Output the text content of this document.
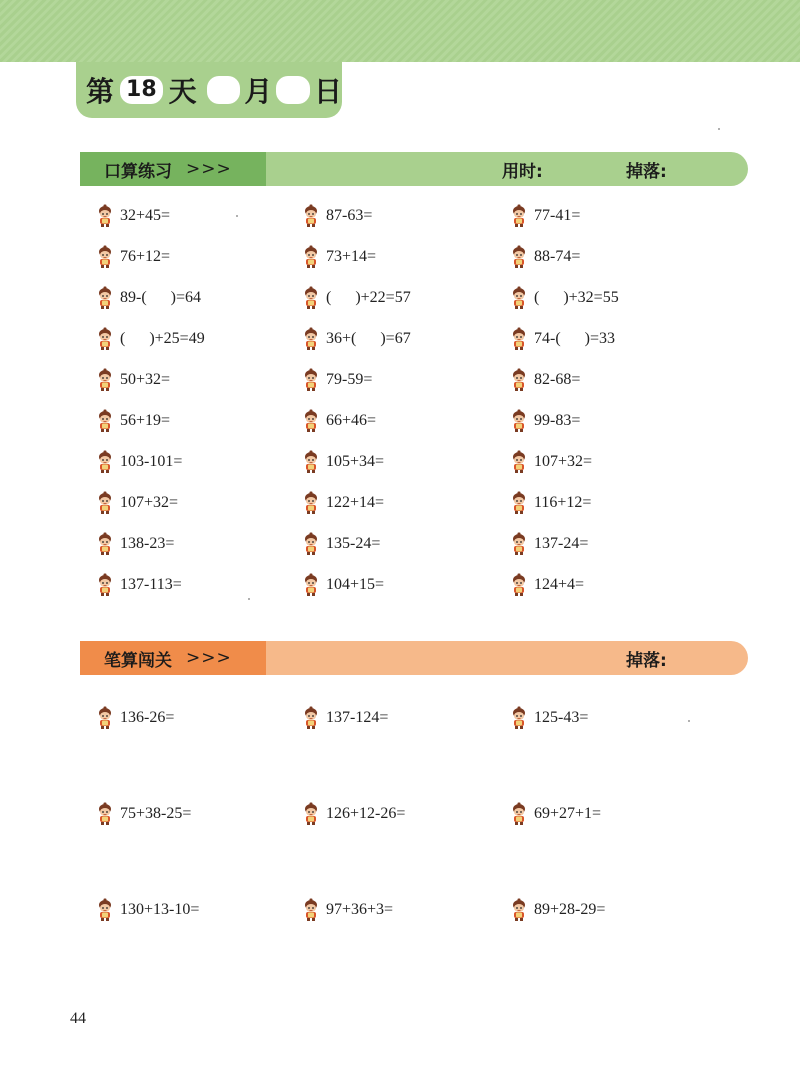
第 18 天 月 日
口算练习 >>>	用时:	掉落:
32+45=	87-63=	77-41=
76+12=	73+14=	88-74=
89-(      )=64	(      )+22=57	(      )+32=55
(      )+25=49	36+(      )=67	74-(      )=33
50+32=	79-59=	82-68=
56+19=	66+46=	99-83=
103-101=	105+34=	107+32=
107+32=	122+14=	116+12=
138-23=	135-24=	137-24=
137-113=	104+15=	124+4=
笔算闯关 >>>	掉落:
136-26=	137-124=	125-43=
75+38-25=	126+12-26=	69+27+1=
130+13-10=	97+36+3=	89+28-29=
44
